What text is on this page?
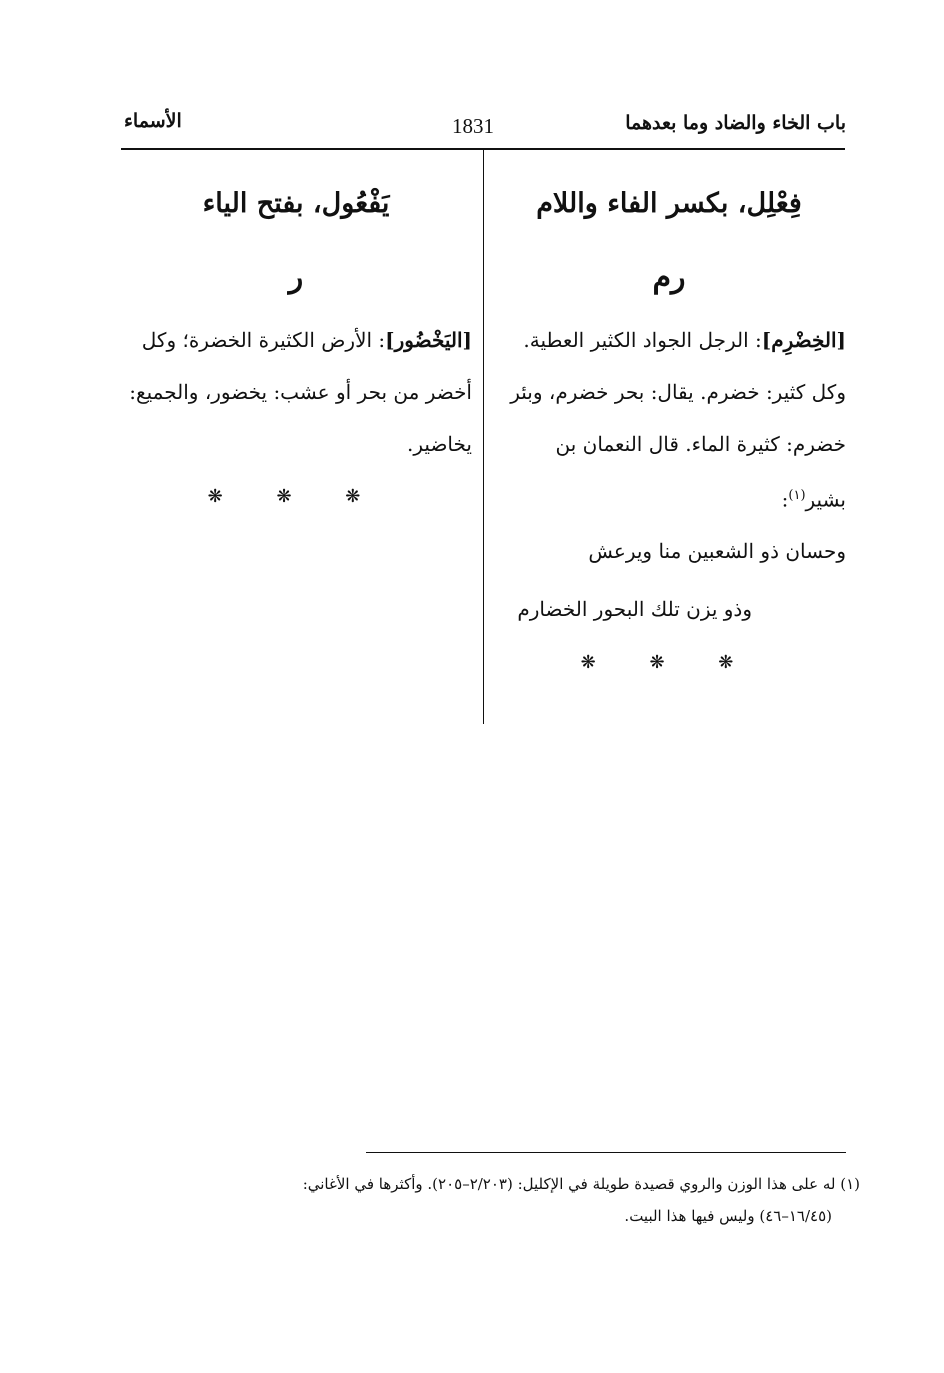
باب الخاء والضاد وما بعدهما
1831
الأسماء
فِعْلِل، بكسر الفاء واللام
رم
[الخِضْرِم]: الرجل الجواد الكثير العطية. وكل كثير: خضرم. يقال: بحر خضرم، وبئر خضرم: كثيرة الماء. قال النعمان بن بشير$^{(١)}$:
وحسان ذو الشعبين منا ويرعش
وذو يزن تلك البحور الخضارم
❋ ❋ ❋
يَفْعُول، بفتح الياء
ر
[اليَخْضُور]: الأرض الكثيرة الخضرة؛ وكل أخضر من بحر أو عشب: يخضور، والجميع: يخاضير.
❋ ❋ ❋

(١) له على هذا الوزن والروي قصيدة طويلة في الإكليل: (٢/٢٠٣–٢٠٥). وأكثرها في الأغاني:

(١٦/٤٥–٤٦) وليس فيها هذا البيت.
